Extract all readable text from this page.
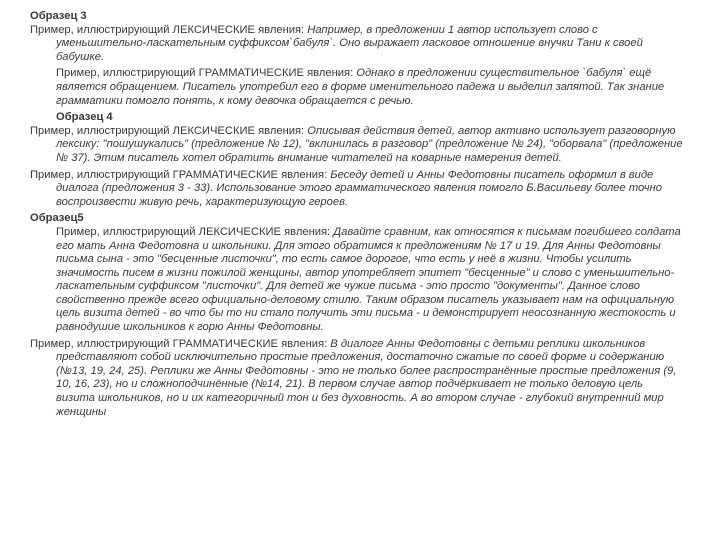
Образец 3

Пример, иллюстрирующий ЛЕКСИЧЕСКИЕ явления: Например, в предложении 1 автор использует слово с уменьшительно-ласкательным суффиксом`бабуля`. Оно выражает ласковое отношение внучки Тани к своей бабушке.

Пример, иллюстрирующий ГРАММАТИЧЕСКИЕ явления: Однако в предложении существительное `бабуля` ещё является обращением. Писатель употребил его в форме именительного падежа и выделил запятой. Так знание грамматики помогло понять, к кому девочка обращается с речью.

Образец 4

Пример, иллюстрирующий ЛЕКСИЧЕСКИЕ явления: Описывая действия детей, автор активно использует разговорную лексику: "пошушукались" (предложение № 12), "вклинилась в разговор" (предложение № 24), "оборвала" (предложение № 37). Этим писатель хотел обратить внимание читателей на коварные намерения детей.

Пример, иллюстрирующий ГРАММАТИЧЕСКИЕ явления: Беседу детей и Анны Федотовны писатель оформил в виде диалога (предложения 3 - 33). Использование этого грамматического явления помогло Б.Васильеву более точно воспроизвести живую речь, характеризующую героев.

Образец5

Пример, иллюстрирующий ЛЕКСИЧЕСКИЕ явления: Давайте сравним, как относятся к письмам погибшего солдата его мать Анна Федотовна и школьники. Для этого обратимся к предложениям № 17 и 19. Для Анны Федотовны письма сына - это "бесценные листочки", то есть самое дорогое, что есть у неё в жизни. Чтобы усилить значимость писем в жизни пожилой женщины, автор употребляет эпитет "бесценные" и слово с уменьшительно-ласкательным суффиксом "листочки". Для детей же чужие письма - это просто "документы". Данное слово свойственно прежде всего официально-деловому стилю. Таким образом писатель указывает нам на официальную цель визита детей - во что бы то ни стало получить эти письма - и демонстрирует неосознанную жестокость и равнодушие школьников к горю Анны Федотовны.

Пример, иллюстрирующий ГРАММАТИЧЕСКИЕ явления: В диалоге Анны Федотовны с детьми реплики школьников представляют собой исключительно простые предложения, достаточно сжатые по своей форме и содержанию (№13, 19, 24, 25). Реплики же Анны Федотовны - это не только более распространённые простые предложения (9, 10, 16, 23), но и сложноподчинённые (№14, 21). В первом случае автор подчёркивает не только деловую цель визита школьников, но и их категоричный тон и без духовность. А во втором случае - глубокий внутренний мир женщины
